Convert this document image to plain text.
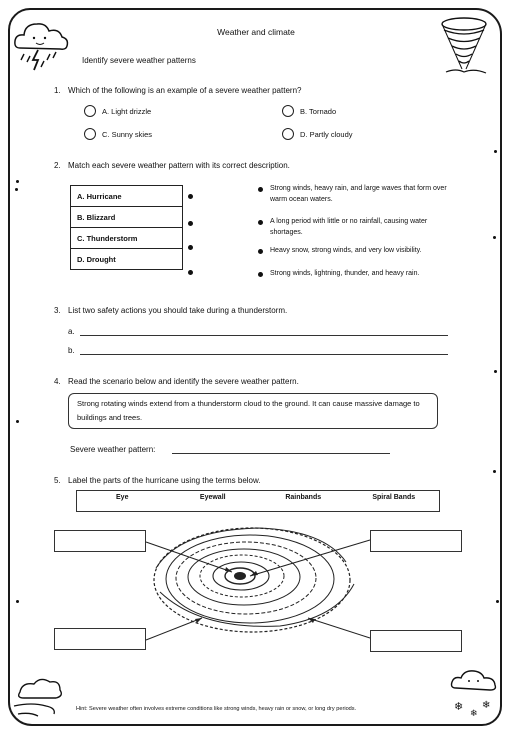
❄
❄
❄
Weather and climate
Identify severe weather patterns
1. Which of the following is an example of a severe weather pattern?
A. Light drizzle	B. Tornado
C. Sunny skies	D. Partly cloudy
2. Match each severe weather pattern with its correct description.
A. Hurricane
B. Blizzard
C. Thunderstorm
D. Drought
Strong winds, heavy rain, and large waves that form over warm ocean waters.
A long period with little or no rainfall, causing water shortages.
Heavy snow, strong winds, and very low visibility.
Strong winds, lightning, thunder, and heavy rain.
3. List two safety actions you should take during a thunderstorm.
a.
b.
4. Read the scenario below and identify the severe weather pattern.
Strong rotating winds extend from a thunderstorm cloud to the ground. It can cause massive damage to buildings and trees.
Severe weather pattern:
5. Label the parts of the hurricane using the terms below.
Eye	Eyewall	Rainbands	Spiral Bands
Hint: Severe weather often involves extreme conditions like strong winds, heavy rain or snow, or long dry periods.
